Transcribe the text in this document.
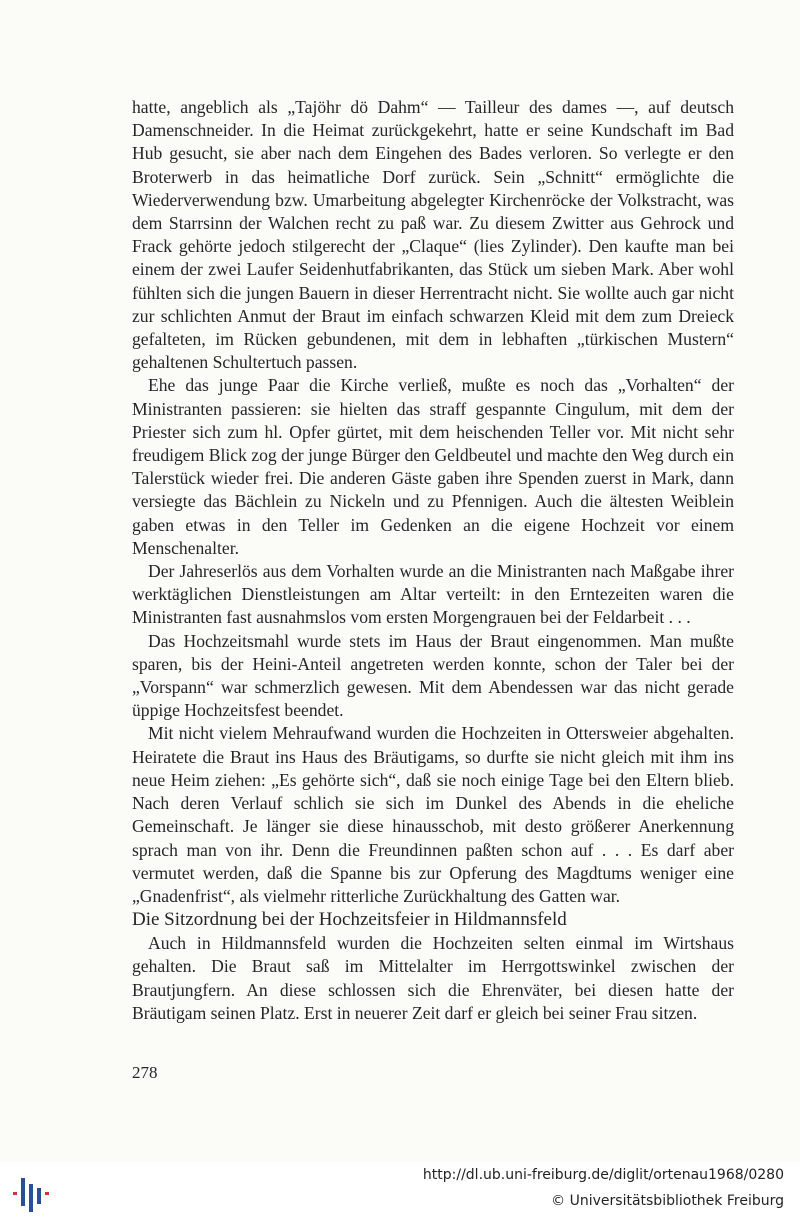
hatte, angeblich als „Tajöhr dö Dahm“ — Tailleur des dames —, auf deutsch Damenschneider. In die Heimat zurückgekehrt, hatte er seine Kundschaft im Bad Hub gesucht, sie aber nach dem Eingehen des Bades verloren. So verlegte er den Broterwerb in das heimatliche Dorf zurück. Sein „Schnitt“ ermöglichte die Wiederverwendung bzw. Umarbeitung abgelegter Kirchenröcke der Volkstracht, was dem Starrsinn der Walchen recht zu paß war. Zu diesem Zwitter aus Gehrock und Frack gehörte jedoch stilgerecht der „Claque“ (lies Zylinder). Den kaufte man bei einem der zwei Laufer Seidenhutfabrikanten, das Stück um sieben Mark. Aber wohl fühlten sich die jungen Bauern in dieser Herrentracht nicht. Sie wollte auch gar nicht zur schlichten Anmut der Braut im einfach schwarzen Kleid mit dem zum Dreieck gefalteten, im Rücken gebundenen, mit dem in lebhaften „türkischen Mustern“ gehaltenen Schultertuch passen.

Ehe das junge Paar die Kirche verließ, mußte es noch das „Vorhalten“ der Ministranten passieren: sie hielten das straff gespannte Cingulum, mit dem der Priester sich zum hl. Opfer gürtet, mit dem heischenden Teller vor. Mit nicht sehr freudigem Blick zog der junge Bürger den Geldbeutel und machte den Weg durch ein Talerstück wieder frei. Die anderen Gäste gaben ihre Spenden zuerst in Mark, dann versiegte das Bächlein zu Nickeln und zu Pfennigen. Auch die ältesten Weiblein gaben etwas in den Teller im Gedenken an die eigene Hochzeit vor einem Menschenalter.

Der Jahreserlös aus dem Vorhalten wurde an die Ministranten nach Maßgabe ihrer werktäglichen Dienstleistungen am Altar verteilt: in den Erntezeiten waren die Ministranten fast ausnahmslos vom ersten Morgengrauen bei der Feldarbeit . . .

Das Hochzeitsmahl wurde stets im Haus der Braut eingenommen. Man mußte sparen, bis der Heini-Anteil angetreten werden konnte, schon der Taler bei der „Vorspann“ war schmerzlich gewesen. Mit dem Abendessen war das nicht gerade üppige Hochzeitsfest beendet.

Mit nicht vielem Mehraufwand wurden die Hochzeiten in Ottersweier abgehalten. Heiratete die Braut ins Haus des Bräutigams, so durfte sie nicht gleich mit ihm ins neue Heim ziehen: „Es gehörte sich“, daß sie noch einige Tage bei den Eltern blieb. Nach deren Verlauf schlich sie sich im Dunkel des Abends in die eheliche Gemeinschaft. Je länger sie diese hinausschob, mit desto größerer Anerkennung sprach man von ihr. Denn die Freundinnen paßten schon auf . . . Es darf aber vermutet werden, daß die Spanne bis zur Opferung des Magdtums weniger eine „Gnadenfrist“, als vielmehr ritterliche Zurückhaltung des Gatten war.

Die Sitzordnung bei der Hochzeitsfeier in Hildmannsfeld

Auch in Hildmannsfeld wurden die Hochzeiten selten einmal im Wirtshaus gehalten. Die Braut saß im Mittelalter im Herrgottswinkel zwischen der Brautjungfern. An diese schlossen sich die Ehrenväter, bei diesen hatte der Bräutigam seinen Platz. Erst in neuerer Zeit darf er gleich bei seiner Frau sitzen.

278
http://dl.ub.uni-freiburg.de/diglit/ortenau1968/0280
© Universitätsbibliothek Freiburg
